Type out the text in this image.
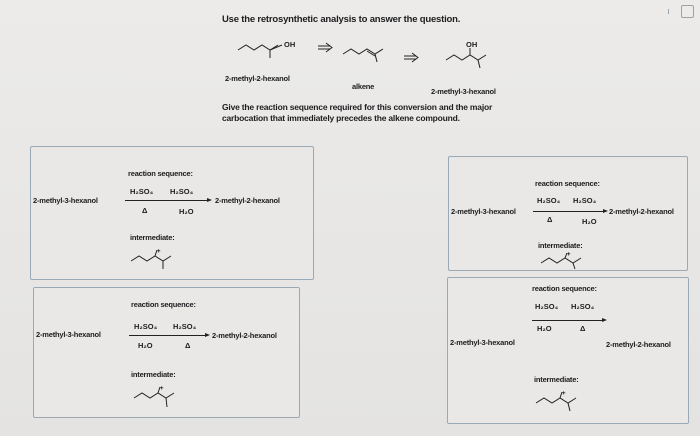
Use the retrosynthetic analysis to answer the question.
OH	OH
2-methyl-2-hexanol
alkene
2-methyl-3-hexanol
Give the reaction sequence required for this conversion and the major carbocation that immediately precedes the alkene compound.
reaction sequence:
H₂SO₄ H₂SO₄
2-methyl-3-hexanol	2-methyl-2-hexanol
Δ	H₂O
intermediate:
+
reaction sequence:
H₂SO₄ H₂SO₄
2-methyl-3-hexanol	2-methyl-2-hexanol
Δ	H₂O
intermediate:
+
reaction sequence:
H₂SO₄ H₂SO₄
2-methyl-3-hexanol	2-methyl-2-hexanol
H₂O	Δ
intermediate:
+
reaction sequence:
H₂SO₄ H₂SO₄
2-methyl-3-hexanol	2-methyl-2-hexanol
H₂O	Δ
intermediate:
+
